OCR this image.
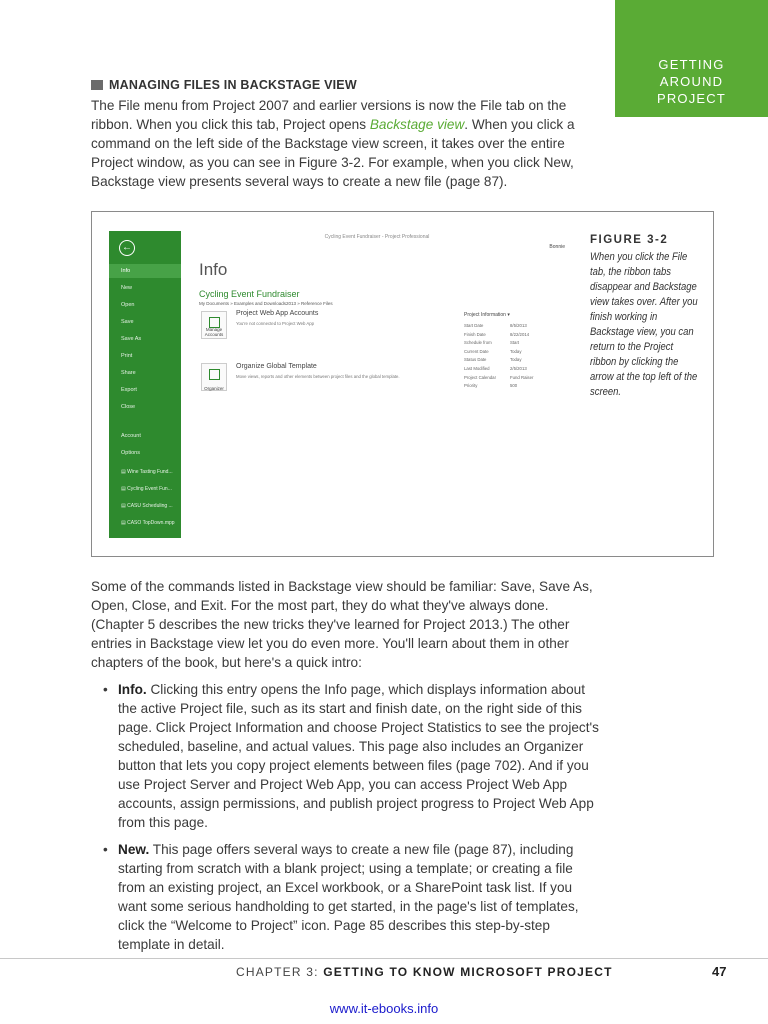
GETTING
AROUND
PROJECT
MANAGING FILES IN BACKSTAGE VIEW

The File menu from Project 2007 and earlier versions is now the File tab on the ribbon. When you click this tab, Project opens Backstage view. When you click a command on the left side of the Backstage view screen, it takes over the entire Project window, as you can see in Figure 3-2. For example, when you click New, Backstage view presents several ways to create a new file (page 87).

←
Info
New
Open
Save
Save As
Print
Share
Export
Close
Account
Options
▤ Wine Tasting Fund...
▤ Cycling Event Fun...
▤ CASU Scheduling ...
▤ CASO TopDown.mpp
Cycling Event Fundraiser - Project Professional
Bonnie
Info
Cycling Event Fundraiser
My Documents » Examples and Downloads2013 » Reference Files
Manage Accounts
Project Web App Accounts
You're not connected to Project Web App
Organizer
Organize Global Template
Move views, reports and other elements between project files and the global template.
Project Information ▾
Start Date	8/5/2013
Finish Date	8/22/2014
Schedule from	Start
Current Date	Today
Status Date	Today
Last Modified	2/5/2013
Project Calendar	Fund Raiser
Priority	500
FIGURE 3-2
When you click the File tab, the ribbon tabs disappear and Backstage view takes over. After you finish working in Backstage view, you can return to the Project ribbon by clicking the arrow at the top left of the screen.

Some of the commands listed in Backstage view should be familiar: Save, Save As, Open, Close, and Exit. For the most part, they do what they've always done. (Chapter 5 describes the new tricks they've learned for Project 2013.) The other entries in Backstage view let you do even more. You'll learn about them in other chapters of the book, but here's a quick intro:

• Info. Clicking this entry opens the Info page, which displays information about the active Project file, such as its start and finish date, on the right side of this page. Click Project Information and choose Project Statistics to see the project's scheduled, baseline, and actual values. This page also includes an Organizer button that lets you copy project elements between files (page 702). And if you use Project Server and Project Web App, you can access Project Web App accounts, assign permissions, and publish project progress to Project Web App from this page.
• New. This page offers several ways to create a new file (page 87), including starting from scratch with a blank project; using a template; or creating a file from an existing project, an Excel workbook, or a SharePoint task list. If you want some serious handholding to get started, in the page's list of templates, click the “Welcome to Project” icon. Page 85 describes this step-by-step template in detail.
CHAPTER 3: GETTING TO KNOW MICROSOFT PROJECT	47
www.it-ebooks.info
